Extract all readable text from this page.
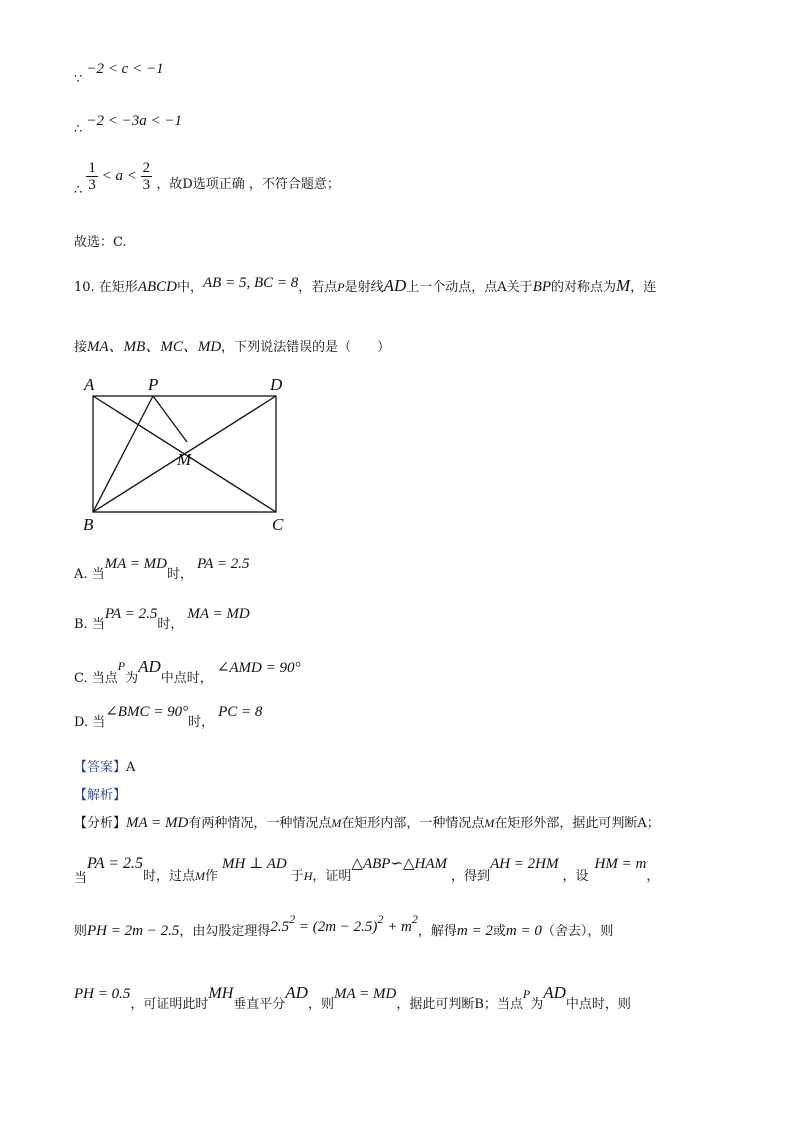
∵ −2 < c < −1
∴ −2 < −3a < −1
∴ $\frac{1}{3} < a < \frac{2}{3}$ ，故D选项正确 ，不符合题意；
故选：C.
10. 在矩形ABCD中，AB = 5, BC = 8，若点P是射线AD上一个动点，点A关于BP的对称点为M，连
接MA、MB、MC、MD，下列说法错误的是（　　）
A	P	D
M
B	C
A. 当MA = MD时，PA = 2.5
B. 当PA = 2.5时，MA = MD
C. 当点P为AD中点时，∠AMD = 90°
D. 当∠BMC = 90°时，PC = 8
【答案】A
【解析】
【分析】MA = MD有两种情况，一种情况点M在矩形内部，一种情况点M在矩形外部，据此可判断A；
当PA = 2.5时，过点M作MH ⊥ AD于H，证明△ABP∽△HAM，得到AH = 2HM，设HM = m，
则PH = 2m − 2.5，由勾股定理得$2.5^2 = (2m - 2.5)^2 + m^2$，解得m = 2或m = 0（舍去），则
PH = 0.5，可证明此时MH垂直平分AD，则MA = MD，据此可判断B；当点P为AD中点时，则
